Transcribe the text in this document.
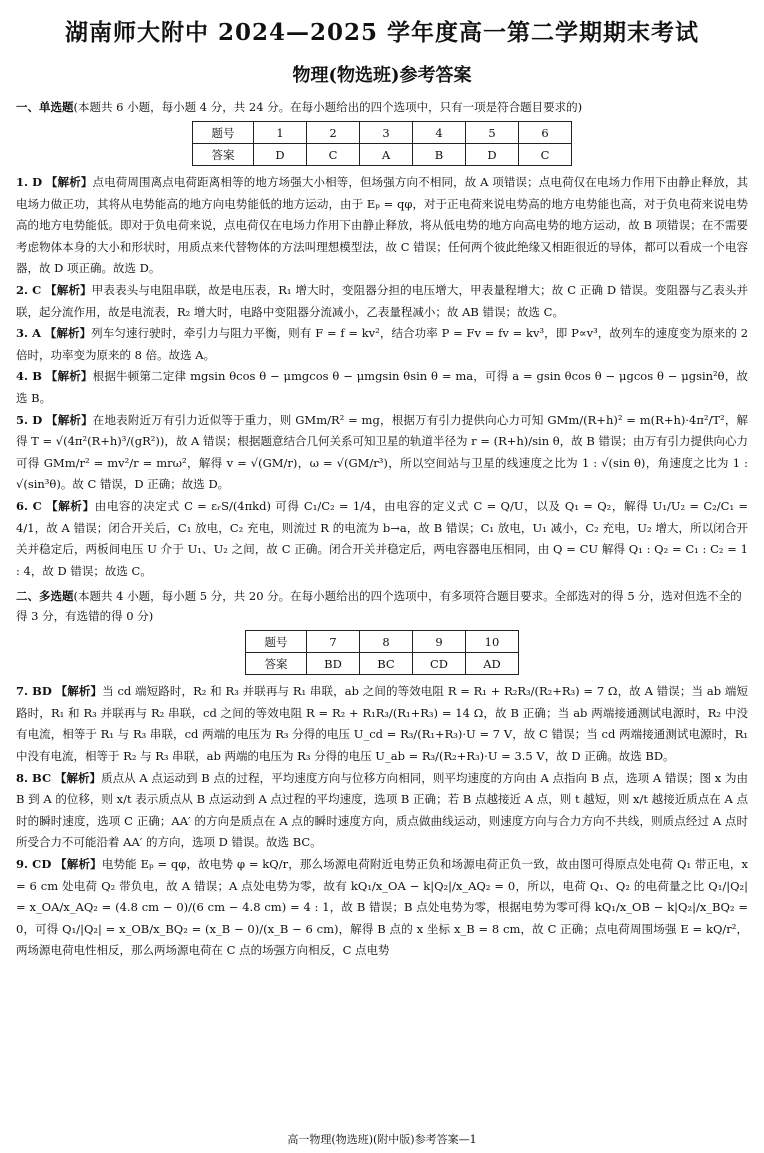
湖南师大附中 2024—2025 学年度高一第二学期期末考试
物理(物选班)参考答案
一、单选题(本题共 6 小题，每小题 4 分，共 24 分。在每小题给出的四个选项中，只有一项是符合题目要求的)
题号	1	2	3	4	5	6
答案	D	C	A	B	D	C

1. D 【解析】点电荷周围离点电荷距离相等的地方场强大小相等，但场强方向不相同，故 A 项错误；点电荷仅在电场力作用下由静止释放，其电场力做正功，其将从电势能高的地方向电势能低的地方运动，由于 Eₚ = qφ，对于正电荷来说电势高的地方电势能也高，对于负电荷来说电势高的地方电势能低。即对于负电荷来说，点电荷仅在电场力作用下由静止释放，将从低电势的地方向高电势的地方运动，故 B 项错误；在不需要考虑物体本身的大小和形状时，用质点来代替物体的方法叫理想模型法，故 C 错误；任何两个彼此绝缘又相距很近的导体，都可以看成一个电容器，故 D 项正确。故选 D。

2. C 【解析】甲表表头与电阻串联，故是电压表，R₁ 增大时，变阻器分担的电压增大，甲表量程增大；故 C 正确 D 错误。变阻器与乙表头并联，起分流作用，故是电流表，R₂ 增大时，电路中变阻器分流减小，乙表量程减小；故 AB 错误；故选 C。

3. A 【解析】列车匀速行驶时，牵引力与阻力平衡，则有 F = f = kv²，结合功率 P = Fv = fv = kv³，即 P∝v³，故列车的速度变为原来的 2 倍时，功率变为原来的 8 倍。故选 A。

4. B 【解析】根据牛顿第二定律 mgsin θcos θ − μmgcos θ − μmgsin θsin θ = ma，可得 a = gsin θcos θ − μgcos θ − μgsin²θ，故选 B。

5. D 【解析】在地表附近万有引力近似等于重力，则 GMm/R² = mg，根据万有引力提供向心力可知 GMm/(R+h)² = m(R+h)·4π²/T²，解得 T = √(4π²(R+h)³/(gR²))，故 A 错误；根据题意结合几何关系可知卫星的轨道半径为 r = (R+h)/sin θ，故 B 错误；由万有引力提供向心力可得 GMm/r² = mv²/r = mrω²，解得 v = √(GM/r)，ω = √(GM/r³)，所以空间站与卫星的线速度之比为 1 : √(sin θ)，角速度之比为 1 : √(sin³θ)。故 C 错误，D 正确；故选 D。

6. C 【解析】由电容的决定式 C = εᵣS/(4πkd) 可得 C₁/C₂ = 1/4，由电容的定义式 C = Q/U，以及 Q₁ = Q₂，解得 U₁/U₂ = C₂/C₁ = 4/1，故 A 错误；闭合开关后，C₁ 放电，C₂ 充电，则流过 R 的电流为 b→a，故 B 错误；C₁ 放电，U₁ 减小，C₂ 充电，U₂ 增大，所以闭合开关并稳定后，两板间电压 U 介于 U₁、U₂ 之间，故 C 正确。闭合开关并稳定后，两电容器电压相同，由 Q = CU 解得 Q₁ : Q₂ = C₁ : C₂ = 1 : 4，故 D 错误；故选 C。

二、多选题(本题共 4 小题，每小题 5 分，共 20 分。在每小题给出的四个选项中，有多项符合题目要求。全部选对的得 5 分，选对但选不全的得 3 分，有选错的得 0 分)
题号	7	8	9	10
答案	BD	BC	CD	AD

7. BD 【解析】当 cd 端短路时，R₂ 和 R₃ 并联再与 R₁ 串联，ab 之间的等效电阻 R = R₁ + R₂R₃/(R₂+R₃) = 7 Ω，故 A 错误；当 ab 端短路时，R₁ 和 R₃ 并联再与 R₂ 串联，cd 之间的等效电阻 R = R₂ + R₁R₃/(R₁+R₃) = 14 Ω，故 B 正确；当 ab 两端接通测试电源时，R₂ 中没有电流，相等于 R₁ 与 R₃ 串联，cd 两端的电压为 R₃ 分得的电压 U_cd = R₃/(R₁+R₃)·U = 7 V，故 C 错误；当 cd 两端接通测试电源时，R₁ 中没有电流，相等于 R₂ 与 R₃ 串联，ab 两端的电压为 R₃ 分得的电压 U_ab = R₃/(R₂+R₃)·U = 3.5 V，故 D 正确。故选 BD。

8. BC 【解析】质点从 A 点运动到 B 点的过程，平均速度方向与位移方向相同，则平均速度的方向由 A 点指向 B 点，选项 A 错误；图 x 为由 B 到 A 的位移，则 x/t 表示质点从 B 点运动到 A 点过程的平均速度，选项 B 正确；若 B 点越接近 A 点，则 t 越短，则 x/t 越接近质点在 A 点时的瞬时速度，选项 C 正确；AA′ 的方向是质点在 A 点的瞬时速度方向，质点做曲线运动，则速度方向与合力方向不共线，则质点经过 A 点时所受合力不可能沿着 AA′ 的方向，选项 D 错误。故选 BC。

9. CD 【解析】电势能 Eₚ = qφ，故电势 φ = kQ/r，那么场源电荷附近电势正负和场源电荷正负一致，故由图可得原点处电荷 Q₁ 带正电，x = 6 cm 处电荷 Q₂ 带负电，故 A 错误；A 点处电势为零，故有 kQ₁/x_OA − k|Q₂|/x_AQ₂ = 0，所以，电荷 Q₁、Q₂ 的电荷量之比 Q₁/|Q₂| = x_OA/x_AQ₂ = (4.8 cm − 0)/(6 cm − 4.8 cm) = 4 : 1，故 B 错误；B 点处电势为零，根据电势为零可得 kQ₁/x_OB − k|Q₂|/x_BQ₂ = 0，可得 Q₁/|Q₂| = x_OB/x_BQ₂ = (x_B − 0)/(x_B − 6 cm)，解得 B 点的 x 坐标 x_B = 8 cm，故 C 正确；点电荷周围场强 E = kQ/r²，两场源电荷电性相反，那么两场源电荷在 C 点的场强方向相反，C 点电势

高一物理(物选班)(附中版)参考答案—1
